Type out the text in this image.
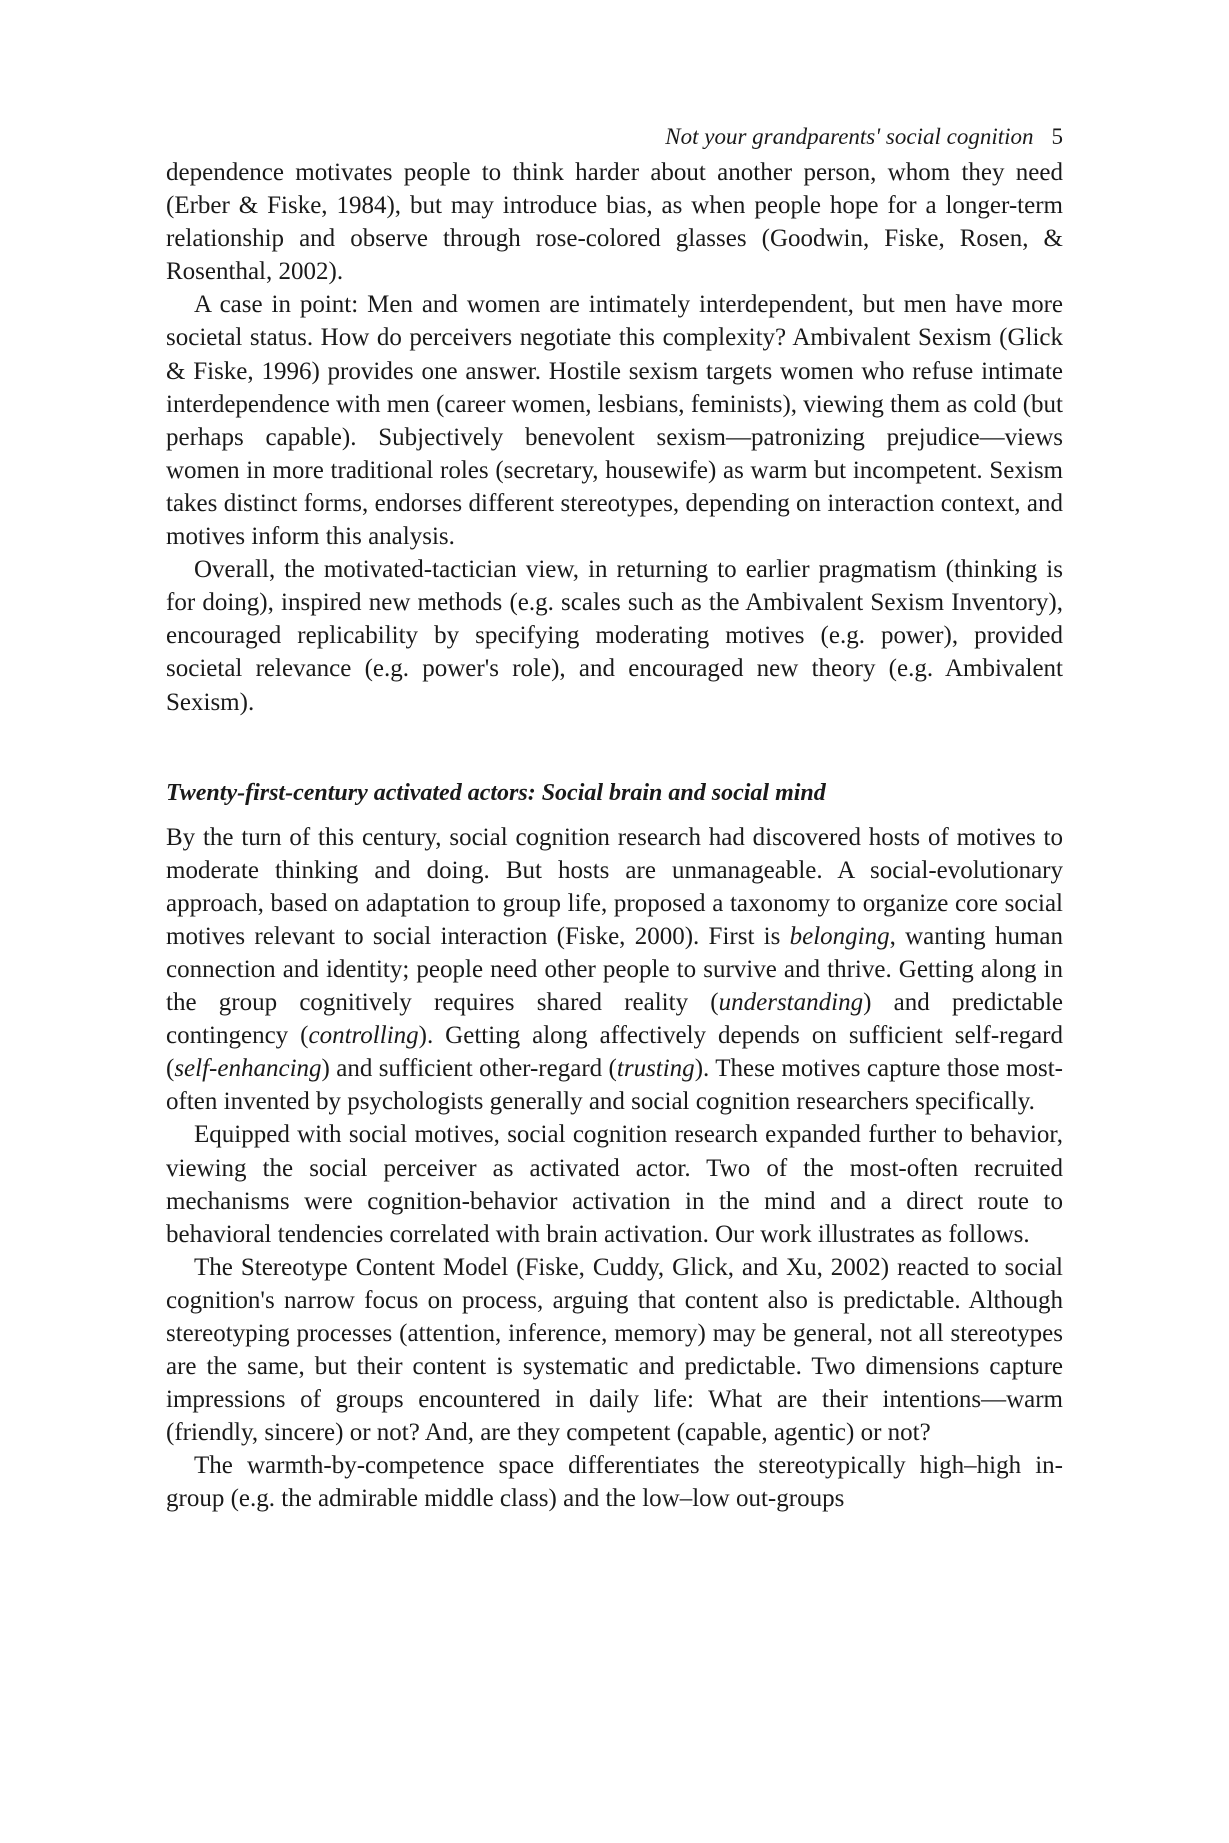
Not your grandparents' social cognition 5

dependence motivates people to think harder about another person, whom they need (Erber & Fiske, 1984), but may introduce bias, as when people hope for a longer-term relationship and observe through rose-colored glasses (Goodwin, Fiske, Rosen, & Rosenthal, 2002).

A case in point: Men and women are intimately interdependent, but men have more societal status. How do perceivers negotiate this complexity? Ambivalent Sexism (Glick & Fiske, 1996) provides one answer. Hostile sexism targets women who refuse intimate interdependence with men (career women, lesbians, feminists), viewing them as cold (but perhaps capable). Subjectively benevolent sexism—patronizing prejudice—views women in more traditional roles (secretary, housewife) as warm but incompetent. Sexism takes distinct forms, endorses different stereotypes, depending on interaction context, and motives inform this analysis.

Overall, the motivated-tactician view, in returning to earlier pragmatism (thinking is for doing), inspired new methods (e.g. scales such as the Ambivalent Sexism Inventory), encouraged replicability by specifying moderating motives (e.g. power), provided societal relevance (e.g. power's role), and encouraged new theory (e.g. Ambivalent Sexism).

Twenty-first-century activated actors: Social brain and social mind

By the turn of this century, social cognition research had discovered hosts of motives to moderate thinking and doing. But hosts are unmanageable. A social-​evolutionary approach, based on adaptation to group life, proposed a taxonomy to organize core social motives relevant to social interaction (Fiske, 2000). First is belonging, wanting human connection and identity; people need other people to survive and thrive. Getting along in the group cognitively requires shared reality (understanding) and predictable contingency (controlling). Getting along affectively depends on sufficient self-regard (self-enhancing) and sufficient other-​regard (trusting). These motives capture those most-often invented by psychologists generally and social cognition researchers specifically.

Equipped with social motives, social cognition research expanded further to behavior, viewing the social perceiver as activated actor. Two of the most-​often recruited mechanisms were cognition-behavior activation in the mind and a direct route to behavioral tendencies correlated with brain activation. Our work illustrates as follows.

The Stereotype Content Model (Fiske, Cuddy, Glick, and Xu, 2002) reacted to social cognition's narrow focus on process, arguing that content also is predictable. Although stereotyping processes (attention, inference, memory) may be general, not all stereotypes are the same, but their content is systematic and predictable. Two dimensions capture impressions of groups encountered in daily life: What are their intentions—warm (friendly, sincere) or not? And, are they competent (capable, agentic) or not?

The warmth-by-competence space differentiates the stereotypically high–​high in-group (e.g. the admirable middle class) and the low–low out-groups
